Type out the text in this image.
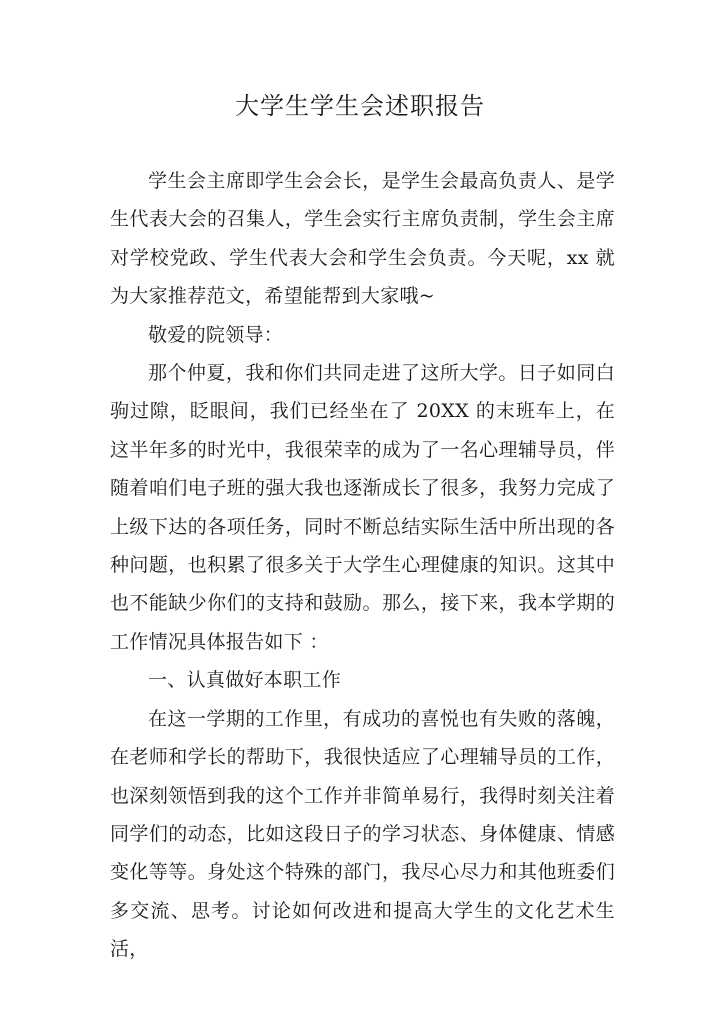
大学生学生会述职报告

学生会主席即学生会会长，是学生会最高负责人、是学生代表大会的召集人，学生会实行主席负责制，学生会主席对学校党政、学生代表大会和学生会负责。今天呢，xx 就为大家推荐范文，希望能帮到大家哦~

敬爱的院领导：

那个仲夏，我和你们共同走进了这所大学。日子如同白驹过隙，眨眼间，我们已经坐在了 20XX 的末班车上，在这半年多的时光中，我很荣幸的成为了一名心理辅导员，伴随着咱们电子班的强大我也逐渐成长了很多，我努力完成了上级下达的各项任务，同时不断总结实际生活中所出现的各种问题，也积累了很多关于大学生心理健康的知识。这其中也不能缺少你们的支持和鼓励。那么，接下来，我本学期的工作情况具体报告如下 ：

一、认真做好本职工作

在这一学期的工作里，有成功的喜悦也有失败的落魄，在老师和学长的帮助下，我很快适应了心理辅导员的工作，也深刻领悟到我的这个工作并非简单易行，我得时刻关注着同学们的动态，比如这段日子的学习状态、身体健康、情感变化等等。身处这个特殊的部门，我尽心尽力和其他班委们多交流、思考。讨论如何改进和提高大学生的文化艺术生活，
